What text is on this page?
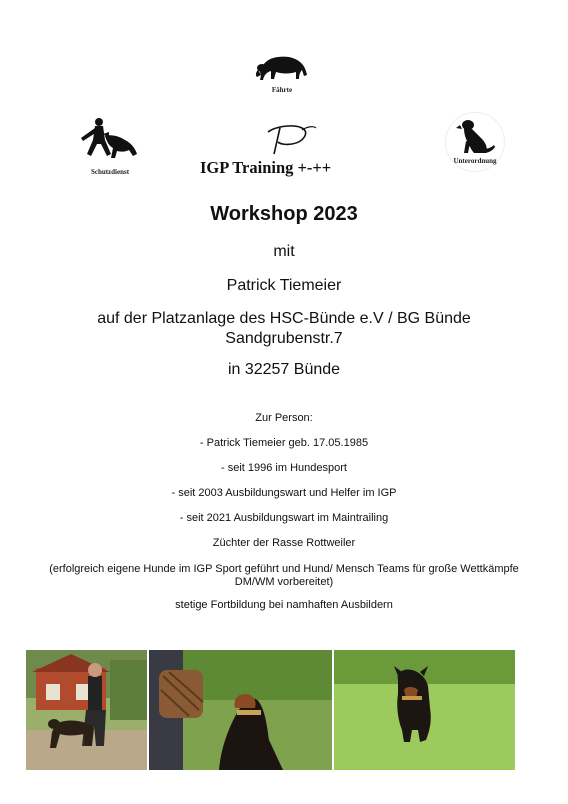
Fährte
Schutzdienst
Unterordnung
IGP Training +-++
Workshop 2023
mit
Patrick Tiemeier
auf der Platzanlage des HSC-Bünde e.V / BG Bünde
Sandgrubenstr.7
in 32257 Bünde
Zur Person:
- Patrick Tiemeier geb. 17.05.1985
- seit 1996 im Hundesport
- seit 2003 Ausbildungswart und Helfer im IGP
- seit 2021 Ausbildungswart im Maintrailing
Züchter der Rasse Rottweiler
(erfolgreich eigene Hunde im IGP Sport geführt und Hund/ Mensch Teams für große Wettkämpfe
DM/WM vorbereitet)
stetige Fortbildung bei namhaften Ausbildern
